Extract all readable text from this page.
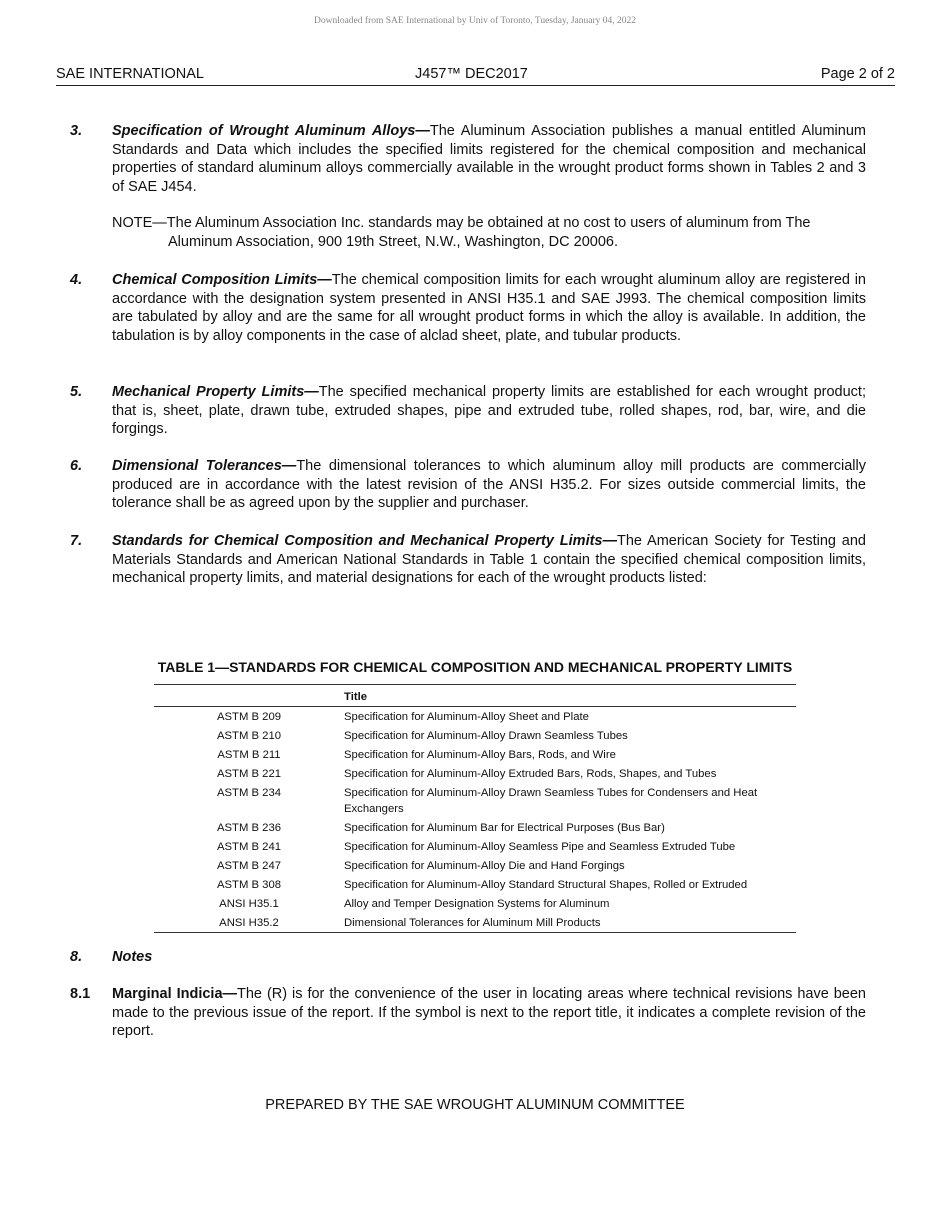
Downloaded from SAE International by Univ of Toronto, Tuesday, January 04, 2022
SAE INTERNATIONAL	J457™ DEC2017	Page 2 of 2
3. Specification of Wrought Aluminum Alloys—The Aluminum Association publishes a manual entitled Aluminum Standards and Data which includes the specified limits registered for the chemical composition and mechanical properties of standard aluminum alloys commercially available in the wrought product forms shown in Tables 2 and 3 of SAE J454.
NOTE—The Aluminum Association Inc. standards may be obtained at no cost to users of aluminum from The
Aluminum Association, 900 19th Street, N.W., Washington, DC 20006.
4. Chemical Composition Limits—The chemical composition limits for each wrought aluminum alloy are registered in accordance with the designation system presented in ANSI H35.1 and SAE J993. The chemical composition limits are tabulated by alloy and are the same for all wrought product forms in which the alloy is available. In addition, the tabulation is by alloy components in the case of alclad sheet, plate, and tubular products.
5. Mechanical Property Limits—The specified mechanical property limits are established for each wrought product; that is, sheet, plate, drawn tube, extruded shapes, pipe and extruded tube, rolled shapes, rod, bar, wire, and die forgings.
6. Dimensional Tolerances—The dimensional tolerances to which aluminum alloy mill products are commercially produced are in accordance with the latest revision of the ANSI H35.2. For sizes outside commercial limits, the tolerance shall be as agreed upon by the supplier and purchaser.
7. Standards for Chemical Composition and Mechanical Property Limits—The American Society for Testing and Materials Standards and American National Standards in Table 1 contain the specified chemical composition limits, mechanical property limits, and material designations for each of the wrought products listed:
TABLE 1—STANDARDS FOR CHEMICAL COMPOSITION AND MECHANICAL PROPERTY LIMITS
	Title
ASTM B 209	Specification for Aluminum-Alloy Sheet and Plate
ASTM B 210	Specification for Aluminum-Alloy Drawn Seamless Tubes
ASTM B 211	Specification for Aluminum-Alloy Bars, Rods, and Wire
ASTM B 221	Specification for Aluminum-Alloy Extruded Bars, Rods, Shapes, and Tubes
ASTM B 234	Specification for Aluminum-Alloy Drawn Seamless Tubes for Condensers and Heat Exchangers
ASTM B 236	Specification for Aluminum Bar for Electrical Purposes (Bus Bar)
ASTM B 241	Specification for Aluminum-Alloy Seamless Pipe and Seamless Extruded Tube
ASTM B 247	Specification for Aluminum-Alloy Die and Hand Forgings
ASTM B 308	Specification for Aluminum-Alloy Standard Structural Shapes, Rolled or Extruded
ANSI H35.1	Alloy and Temper Designation Systems for Aluminum
ANSI H35.2	Dimensional Tolerances for Aluminum Mill Products
8. Notes
8.1 Marginal Indicia—The (R) is for the convenience of the user in locating areas where technical revisions have been made to the previous issue of the report. If the symbol is next to the report title, it indicates a complete revision of the report.
PREPARED BY THE SAE WROUGHT ALUMINUM COMMITTEE
